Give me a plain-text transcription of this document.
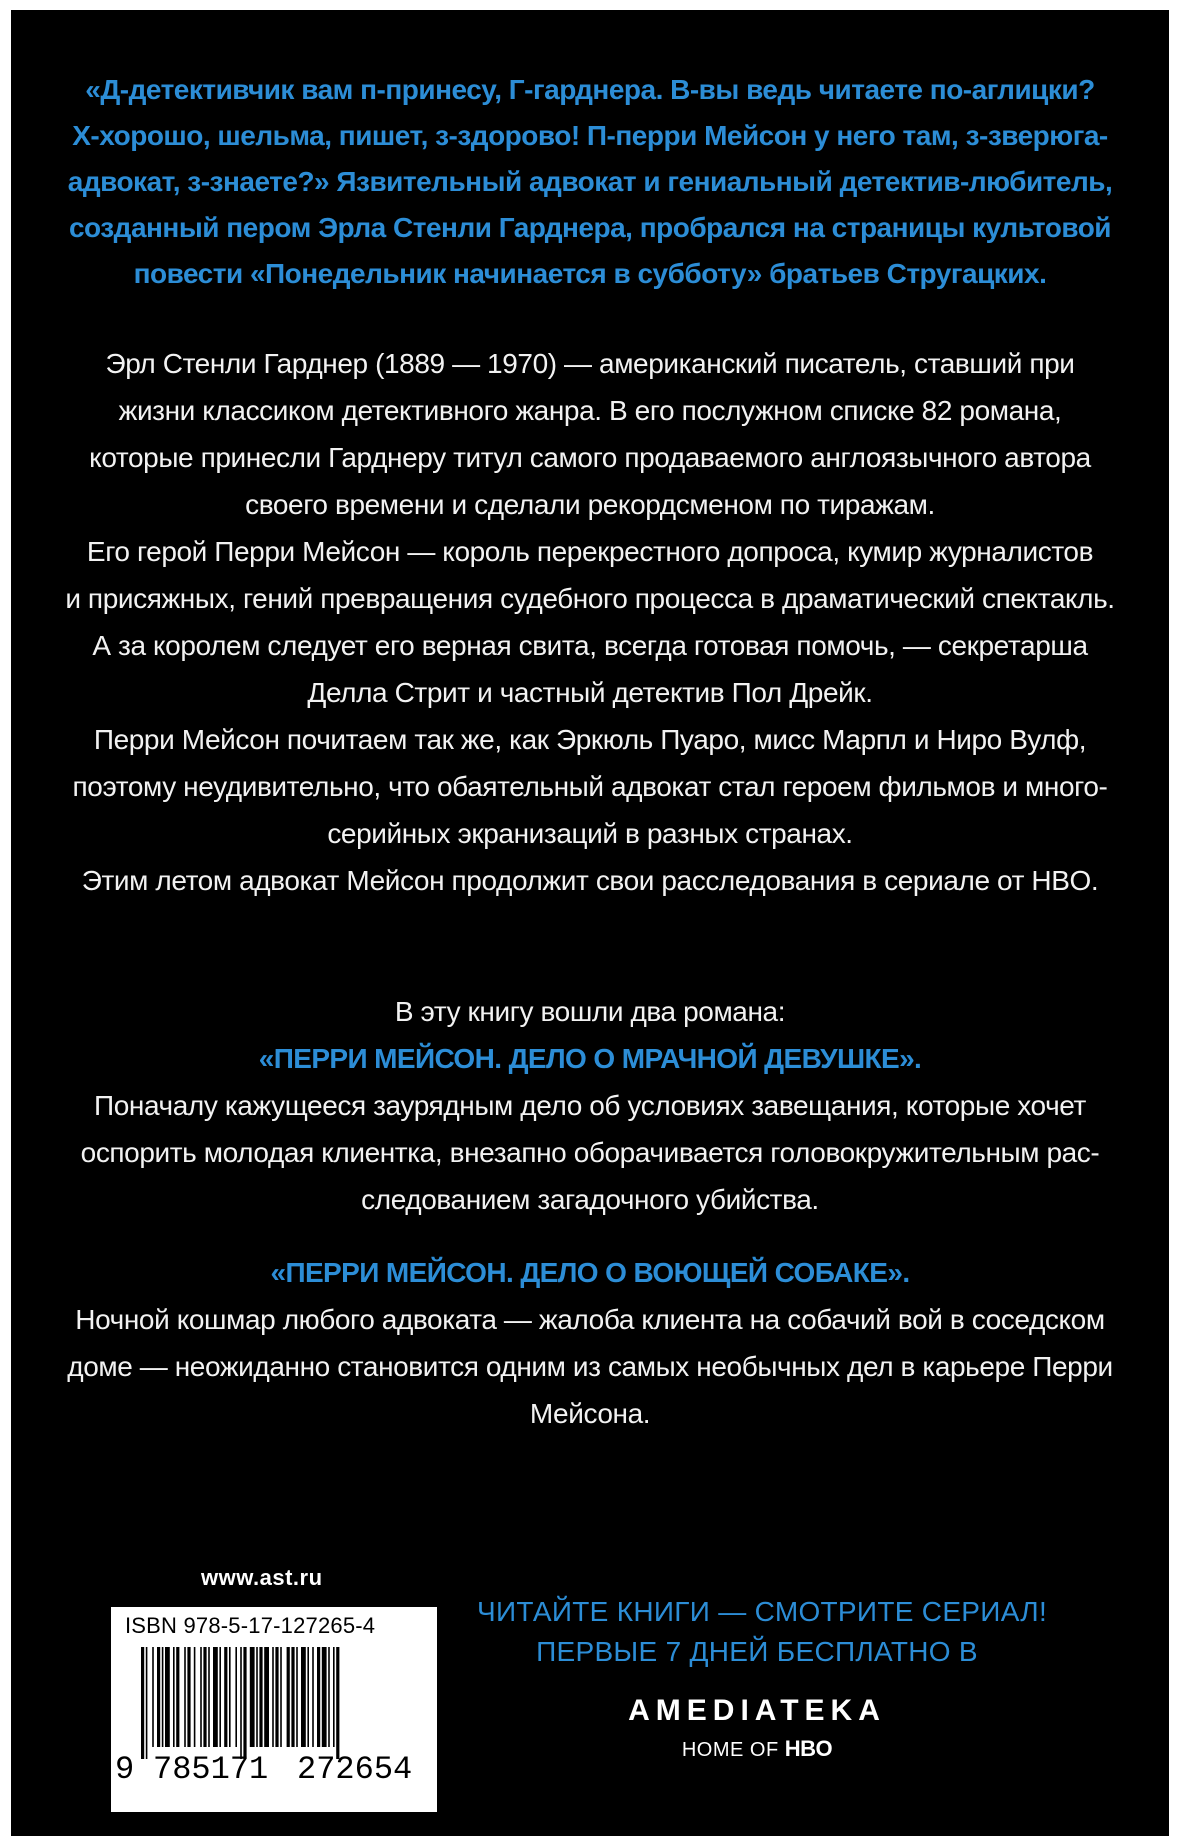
«Д-детективчик вам п-принесу, Г-гарднера. В-вы ведь читаете по-аглицки?
Х-хорошо, шельма, пишет, з-здорово! П-перри Мейсон у него там, з-зверюга-
адвокат, з-знаете?» Язвительный адвокат и гениальный детектив-любитель,
созданный пером Эрла Стенли Гарднера, пробрался на страницы культовой
повести «Понедельник начинается в субботу» братьев Стругацких.
Эрл Стенли Гарднер (1889 — 1970) — американский писатель, ставший при
жизни классиком детективного жанра. В его послужном списке 82 романа,
которые принесли Гарднеру титул самого продаваемого англоязычного автора
своего времени и сделали рекордсменом по тиражам.
Его герой Перри Мейсон — король перекрестного допроса, кумир журналистов
и присяжных, гений превращения судебного процесса в драматический спектакль.
А за королем следует его верная свита, всегда готовая помочь, — секретарша
Делла Стрит и частный детектив Пол Дрейк.
Перри Мейсон почитаем так же, как Эркюль Пуаро, мисс Марпл и Ниро Вулф,
поэтому неудивительно, что обаятельный адвокат стал героем фильмов и много-
серийных экранизаций в разных странах.
Этим летом адвокат Мейсон продолжит свои расследования в сериале от HBO.
В эту книгу вошли два романа:
«ПЕРРИ МЕЙСОН. ДЕЛО О МРАЧНОЙ ДЕВУШКЕ».
Поначалу кажущееся заурядным дело об условиях завещания, которые хочет
оспорить молодая клиентка, внезапно оборачивается головокружительным рас-
следованием загадочного убийства.
«ПЕРРИ МЕЙСОН. ДЕЛО О ВОЮЩЕЙ СОБАКЕ».
Ночной кошмар любого адвоката — жалоба клиента на собачий вой в соседском
доме — неожиданно становится одним из самых необычных дел в карьере Перри
Мейсона.
www.ast.ru
ISBN 978-5-17-127265-4
9 785171 272654
ЧИТАЙТЕ КНИГИ — СМОТРИТЕ СЕРИАЛ!
ПЕРВЫЕ 7 ДНЕЙ БЕСПЛАТНО В
AMEDIATEKA
HOME OF HBO
